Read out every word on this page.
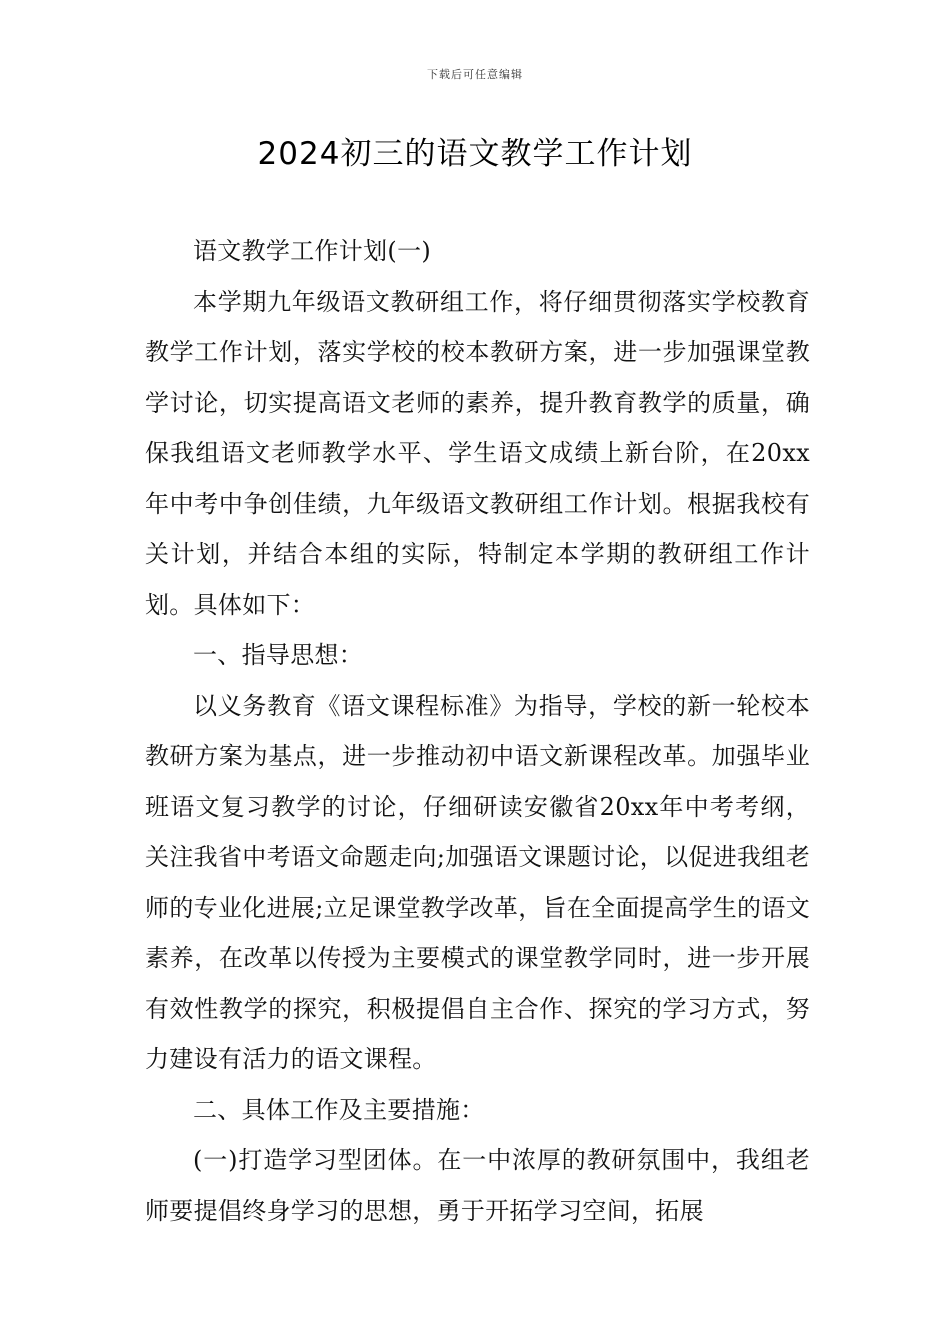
下载后可任意编辑
2024初三的语文教学工作计划

语文教学工作计划(一)

本学期九年级语文教研组工作，将仔细贯彻落实学校教育教学工作计划，落实学校的校本教研方案，进一步加强课堂教学讨论，切实提高语文老师的素养，提升教育教学的质量，确保我组语文老师教学水平、学生语文成绩上新台阶，在20xx年中考中争创佳绩，九年级语文教研组工作计划。根据我校有关计划，并结合本组的实际，特制定本学期的教研组工作计划。具体如下：

一、指导思想：

以义务教育《语文课程标准》为指导，学校的新一轮校本教研方案为基点，进一步推动初中语文新课程改革。加强毕业班语文复习教学的讨论，仔细研读安徽省20xx年中考考纲，关注我省中考语文命题走向;加强语文课题讨论，以促进我组老师的专业化进展;立足课堂教学改革，旨在全面提高学生的语文素养，在改革以传授为主要模式的课堂教学同时，进一步开展有效性教学的探究，积极提倡自主合作、探究的学习方式，努力建设有活力的语文课程。

二、具体工作及主要措施：

(一)打造学习型团体。在一中浓厚的教研氛围中，我组老师要提倡终身学习的思想，勇于开拓学习空间，拓展
